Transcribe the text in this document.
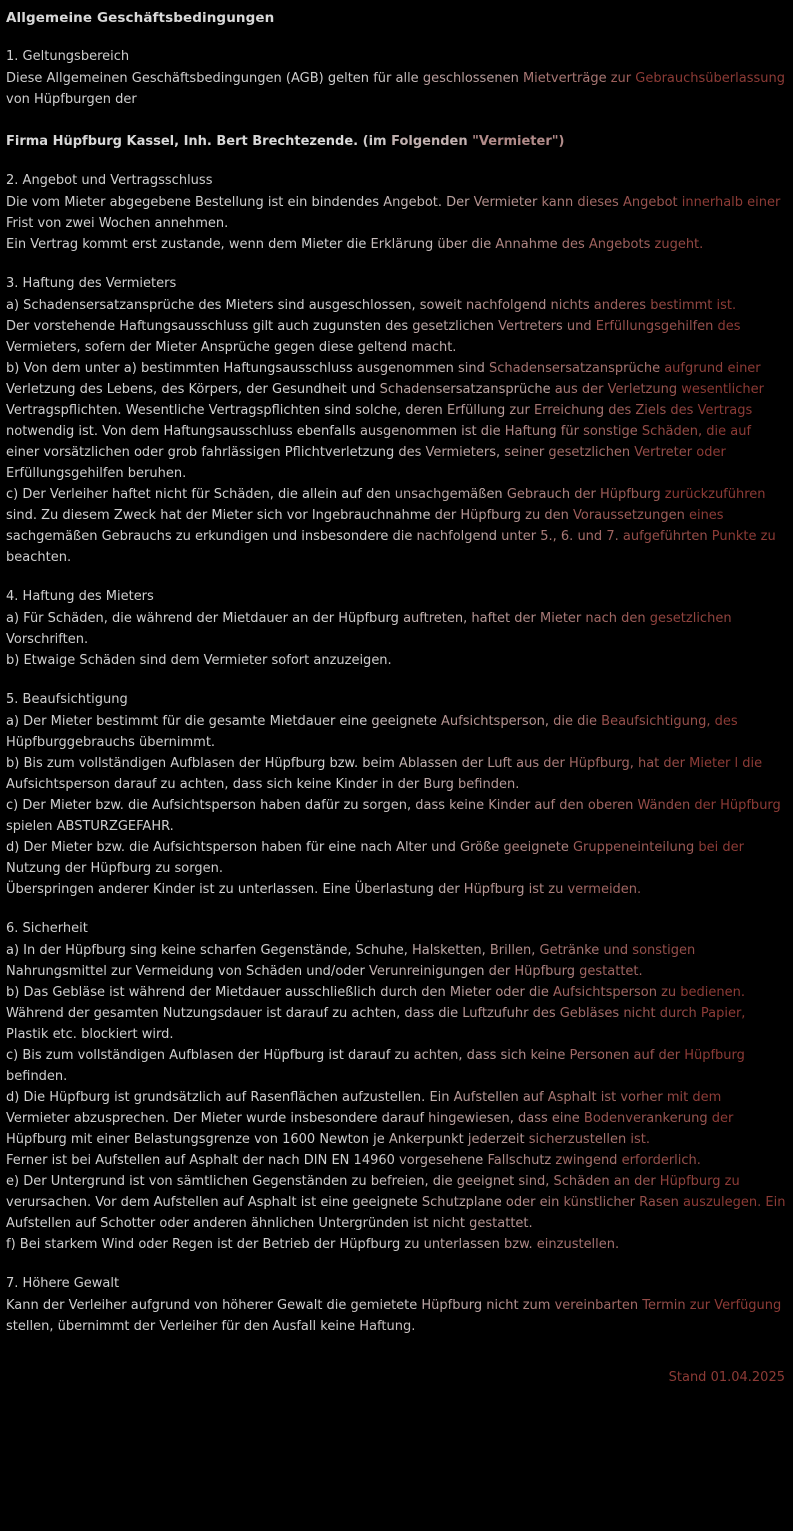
Allgemeine Geschäftsbedingungen
1. Geltungsbereich

Diese Allgemeinen Geschäftsbedingungen (AGB) gelten für alle geschlossenen Mietverträge zur Gebrauchsüberlassung von Hüpfburgen der

Firma Hüpfburg Kassel, Inh. Bert Brechtezende. (im Folgenden "Vermieter")

2. Angebot und Vertragsschluss

Die vom Mieter abgegebene Bestellung ist ein bindendes Angebot. Der Vermieter kann dieses Angebot innerhalb einer Frist von zwei Wochen annehmen.

Ein Vertrag kommt erst zustande, wenn dem Mieter die Erklärung über die Annahme des Angebots zugeht.

3. Haftung des Vermieters

a) Schadensersatzansprüche des Mieters sind ausgeschlossen, soweit nachfolgend nichts anderes bestimmt ist.

Der vorstehende Haftungsausschluss gilt auch zugunsten des gesetzlichen Vertreters und Erfüllungsgehilfen des Vermieters, sofern der Mieter Ansprüche gegen diese geltend macht.

b) Von dem unter a) bestimmten Haftungsausschluss ausgenommen sind Schadensersatzansprüche aufgrund einer Verletzung des Lebens, des Körpers, der Gesundheit und Schadensersatzansprüche aus der Verletzung wesentlicher Vertragspflichten. Wesentliche Vertragspflichten sind solche, deren Erfüllung zur Erreichung des Ziels des Vertrags notwendig ist. Von dem Haftungsausschluss ebenfalls ausgenommen ist die Haftung für sonstige Schäden, die auf einer vorsätzlichen oder grob fahrlässigen Pflichtverletzung des Vermieters, seiner gesetzlichen Vertreter oder Erfüllungsgehilfen beruhen.

c) Der Verleiher haftet nicht für Schäden, die allein auf den unsachgemäßen Gebrauch der Hüpfburg zurückzuführen sind. Zu diesem Zweck hat der Mieter sich vor Ingebrauchnahme der Hüpfburg zu den Voraussetzungen eines sachgemäßen Gebrauchs zu erkundigen und insbesondere die nachfolgend unter 5., 6. und 7. aufgeführten Punkte zu beachten.

4. Haftung des Mieters

a) Für Schäden, die während der Mietdauer an der Hüpfburg auftreten, haftet der Mieter nach den gesetzlichen Vorschriften.

b) Etwaige Schäden sind dem Vermieter sofort anzuzeigen.

5. Beaufsichtigung

a) Der Mieter bestimmt für die gesamte Mietdauer eine geeignete Aufsichtsperson, die die Beaufsichtigung, des Hüpfburggebrauchs übernimmt.

b) Bis zum vollständigen Aufblasen der Hüpfburg bzw. beim Ablassen der Luft aus der Hüpfburg, hat der Mieter l die Aufsichtsperson darauf zu achten, dass sich keine Kinder in der Burg befinden.

c) Der Mieter bzw. die Aufsichtsperson haben dafür zu sorgen, dass keine Kinder auf den oberen Wänden der Hüpfburg spielen ABSTURZGEFAHR.

d) Der Mieter bzw. die Aufsichtsperson haben für eine nach Alter und Größe geeignete Gruppeneinteilung bei der Nutzung der Hüpfburg zu sorgen.

Überspringen anderer Kinder ist zu unterlassen. Eine Überlastung der Hüpfburg ist zu vermeiden.

6. Sicherheit

a) In der Hüpfburg sing keine scharfen Gegenstände, Schuhe, Halsketten, Brillen, Getränke und sonstigen Nahrungsmittel zur Vermeidung von Schäden und/oder Verunreinigungen der Hüpfburg gestattet.

b) Das Gebläse ist während der Mietdauer ausschließlich durch den Mieter oder die Aufsichtsperson zu bedienen. Während der gesamten Nutzungsdauer ist darauf zu achten, dass die Luftzufuhr des Gebläses nicht durch Papier, Plastik etc. blockiert wird.

c) Bis zum vollständigen Aufblasen der Hüpfburg ist darauf zu achten, dass sich keine Personen auf der Hüpfburg befinden.

d) Die Hüpfburg ist grundsätzlich auf Rasenflächen aufzustellen. Ein Aufstellen auf Asphalt ist vorher mit dem Vermieter abzusprechen. Der Mieter wurde insbesondere darauf hingewiesen, dass eine Bodenverankerung der Hüpfburg mit einer Belastungsgrenze von 1600 Newton je Ankerpunkt jederzeit sicherzustellen ist.

Ferner ist bei Aufstellen auf Asphalt der nach DIN EN 14960 vorgesehene Fallschutz zwingend erforderlich.

e) Der Untergrund ist von sämtlichen Gegenständen zu befreien, die geeignet sind, Schäden an der Hüpfburg zu verursachen. Vor dem Aufstellen auf Asphalt ist eine geeignete Schutzplane oder ein künstlicher Rasen auszulegen. Ein Aufstellen auf Schotter oder anderen ähnlichen Untergründen ist nicht gestattet.

f) Bei starkem Wind oder Regen ist der Betrieb der Hüpfburg zu unterlassen bzw. einzustellen.

7. Höhere Gewalt

Kann der Verleiher aufgrund von höherer Gewalt die gemietete Hüpfburg nicht zum vereinbarten Termin zur Verfügung stellen, übernimmt der Verleiher für den Ausfall keine Haftung.

Stand 01.04.2025
